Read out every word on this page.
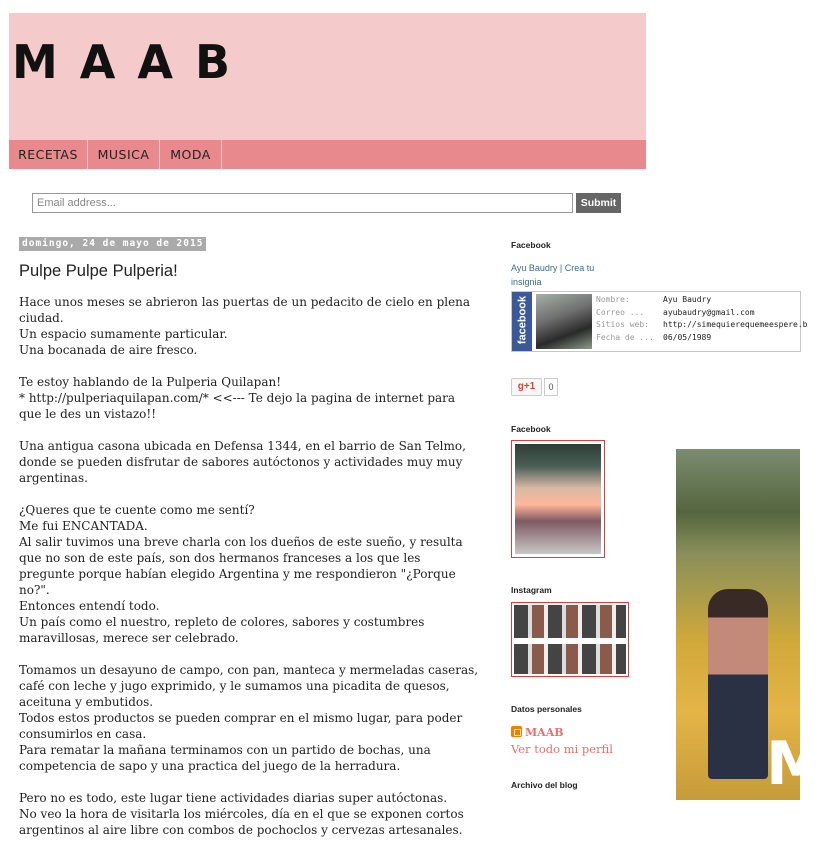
MAAB
RECETAS	MUSICA	MODA
Email address...
Submit
domingo, 24 de mayo de 2015
Pulpe Pulpe Pulperia!

Hace unos meses se abrieron las puertas de un pedacito de cielo en plena ciudad.
Un espacio sumamente particular.
Una bocanada de aire fresco.

Te estoy hablando de la Pulperia Quilapan!
* http://pulperiaquilapan.com/* <<--- Te dejo la pagina de internet para que le des un vistazo!!

Una antigua casona ubicada en Defensa 1344, en el barrio de San Telmo, donde se pueden disfrutar de sabores autóctonos y actividades muy muy argentinas.

¿Queres que te cuente como me sentí?
Me fui ENCANTADA.
Al salir tuvimos una breve charla con los dueños de este sueño, y resulta que no son de este país, son dos hermanos franceses a los que les pregunte porque habían elegido Argentina y me respondieron "¿Porque no?".
Entonces entendí todo.
Un país como el nuestro, repleto de colores, sabores y costumbres maravillosas, merece ser celebrado.

Tomamos un desayuno de campo, con pan, manteca y mermeladas caseras, café con leche y jugo exprimido, y le sumamos una picadita de quesos, aceituna y embutidos.
Todos estos productos se pueden comprar en el mismo lugar, para poder consumirlos en casa.
Para rematar la mañana terminamos con un partido de bochas, una competencia de sapo y una practica del juego de la herradura.

Pero no es todo, este lugar tiene actividades diarias super autóctonas.
No veo la hora de visitarla los miércoles, día en el que se exponen cortos argentinos al aire libre con combos de pochoclos y cervezas artesanales.

Facebook
Ayu Baudry | Crea tu insignia
facebook	Nombre:	Ayu Baudry
Correo ...	ayubaudry@gmail.com
Sitios web:	http://simequierequemeespere.b
Fecha de ...	06/05/1989
g+1	0
Facebook
Instagram
Datos personales
MAAB
Ver todo mi perfil
Archivo del blog	M
